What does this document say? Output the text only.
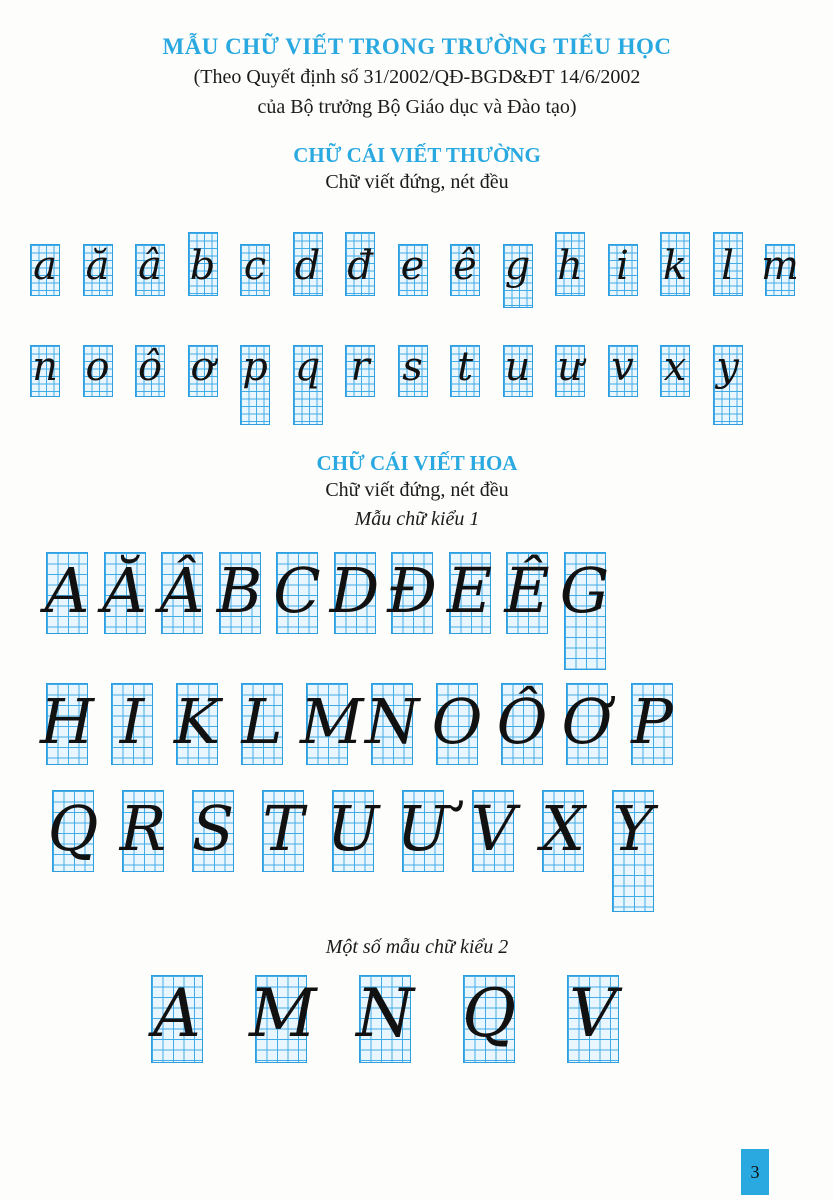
MẪU CHỮ VIẾT TRONG TRƯỜNG TIỂU HỌC
(Theo Quyết định số 31/2002/QĐ-BGD&ĐT 14/6/2002
của Bộ trưởng Bộ Giáo dục và Đào tạo)
CHỮ CÁI VIẾT THƯỜNG
Chữ viết đứng, nét đều
a ă â b c d đ e ê g h i k l m
n o ô ơ p q r s t u ư v x y
CHỮ CÁI VIẾT HOA
Chữ viết đứng, nét đều
Mẫu chữ kiểu 1
A Ă Â B C D Đ E Ê G
H I K L M N O Ô Ơ P
Q R S T U Ư V X Y
Một số mẫu chữ kiểu 2
A M N Q V
3
